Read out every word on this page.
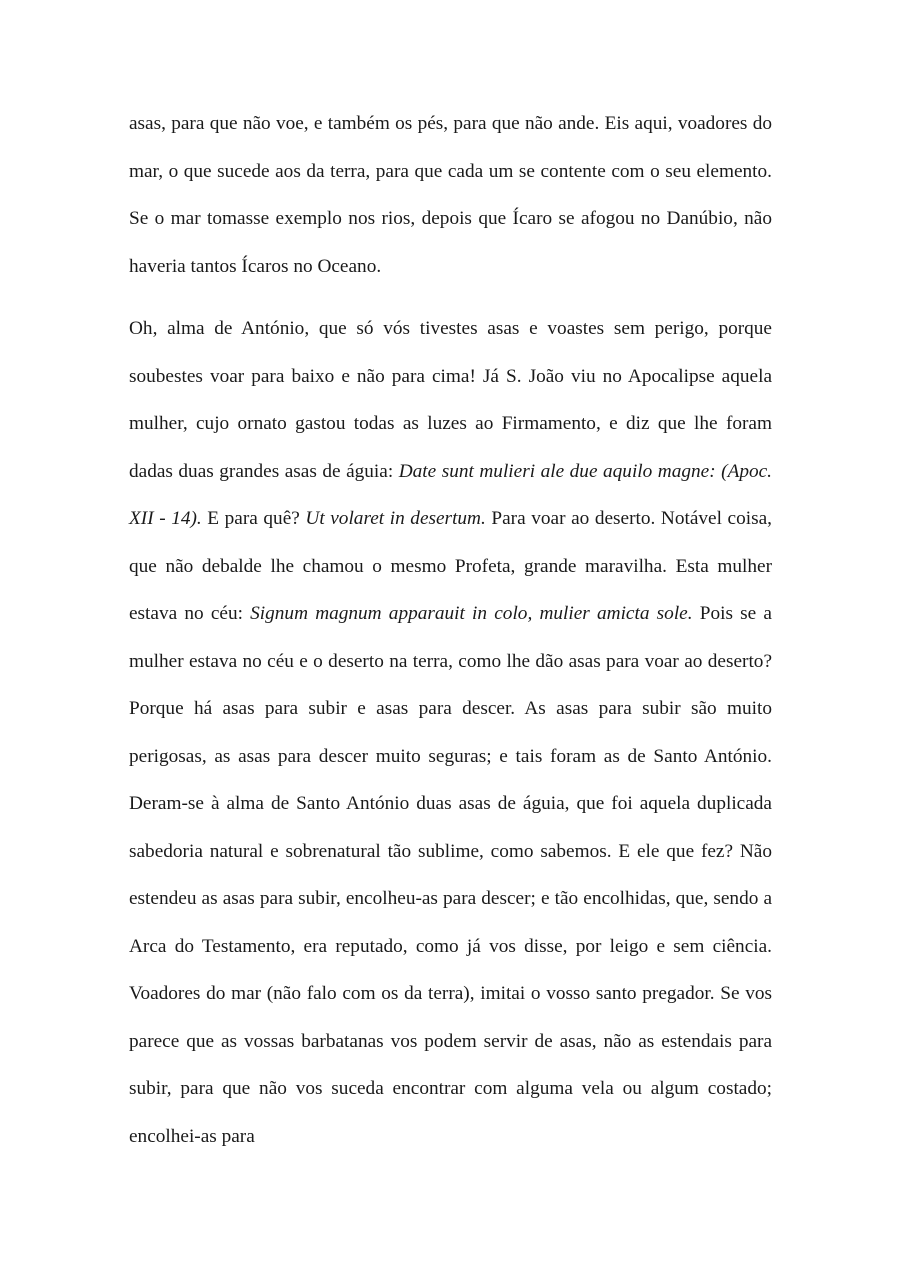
asas, para que não voe, e também os pés, para que não ande. Eis aqui, voadores do mar, o que sucede aos da terra, para que cada um se contente com o seu elemento. Se o mar tomasse exemplo nos rios, depois que Ícaro se afogou no Danúbio, não haveria tantos Ícaros no Oceano.

Oh, alma de António, que só vós tivestes asas e voastes sem perigo, porque soubestes voar para baixo e não para cima! Já S. João viu no Apocalipse aquela mulher, cujo ornato gastou todas as luzes ao Firmamento, e diz que lhe foram dadas duas grandes asas de águia: Date sunt mulieri ale due aquilo magne: (Apoc. XII - 14). E para quê? Ut volaret in desertum. Para voar ao deserto. Notável coisa, que não debalde lhe chamou o mesmo Profeta, grande maravilha. Esta mulher estava no céu: Signum magnum apparauit in colo, mulier amicta sole. Pois se a mulher estava no céu e o deserto na terra, como lhe dão asas para voar ao deserto? Porque há asas para subir e asas para descer. As asas para subir são muito perigosas, as asas para descer muito seguras; e tais foram as de Santo António. Deram-se à alma de Santo António duas asas de águia, que foi aquela duplicada sabedoria natural e sobrenatural tão sublime, como sabemos. E ele que fez? Não estendeu as asas para subir, encolheu-as para descer; e tão encolhidas, que, sendo a Arca do Testamento, era reputado, como já vos disse, por leigo e sem ciência. Voadores do mar (não falo com os da terra), imitai o vosso santo pregador. Se vos parece que as vossas barbatanas vos podem servir de asas, não as estendais para subir, para que não vos suceda encontrar com alguma vela ou algum costado; encolhei-as para
